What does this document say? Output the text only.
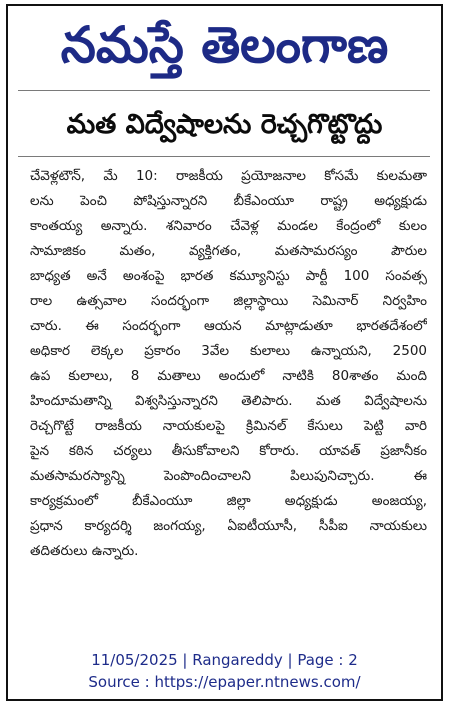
నమస్తే తెలంగాణ
మత విద్వేషాలను రెచ్చగొట్టొద్దు
చేవెళ్లటౌన్, మే 10: రాజకీయ ప్రయోజనాల కోసమే కులమతా
లను పెంచి పోషిస్తున్నారని బీకేఎంయూ రాష్ట్ర అధ్యక్షుడు
కాంతయ్య అన్నారు. శనివారం చేవెళ్ల మండల కేంద్రంలో కులం
సామాజికం మతం, వ్యక్తిగతం, మతసామరస్యం పౌరుల
బాధ్యత అనే అంశంపై భారత కమ్యూనిస్టు పార్టీ 100 సంవత్స
రాల ఉత్సవాల సందర్భంగా జిల్లాస్థాయి సెమినార్ నిర్వహిం
చారు. ఈ సందర్భంగా ఆయన మాట్లాడుతూ భారతదేశంలో
అధికార లెక్కల ప్రకారం 3వేల కులాలు ఉన్నాయని, 2500
ఉప కులాలు, 8 మతాలు అందులో నాటికి 80శాతం మంది
హిందూమతాన్ని విశ్వసిస్తున్నారని తెలిపారు. మత విద్వేషాలను
రెచ్చగొట్టే రాజకీయ నాయకులపై క్రిమినల్ కేసులు పెట్టి వారి
పైన కఠిన చర్యలు తీసుకోవాలని కోరారు. యావత్ ప్రజానీకం
మతసామరస్యాన్ని పెంపొందించాలని పిలుపునిచ్చారు. ఈ
కార్యక్రమంలో బీకేఎంయూ జిల్లా అధ్యక్షుడు అంజయ్య,
ప్రధాన కార్యదర్శి జంగయ్య, ఏఐటీయూసీ, సీపీఐ నాయకులు
తదితరులు ఉన్నారు.
11/05/2025 | Rangareddy | Page : 2
Source : https://epaper.ntnews.com/
